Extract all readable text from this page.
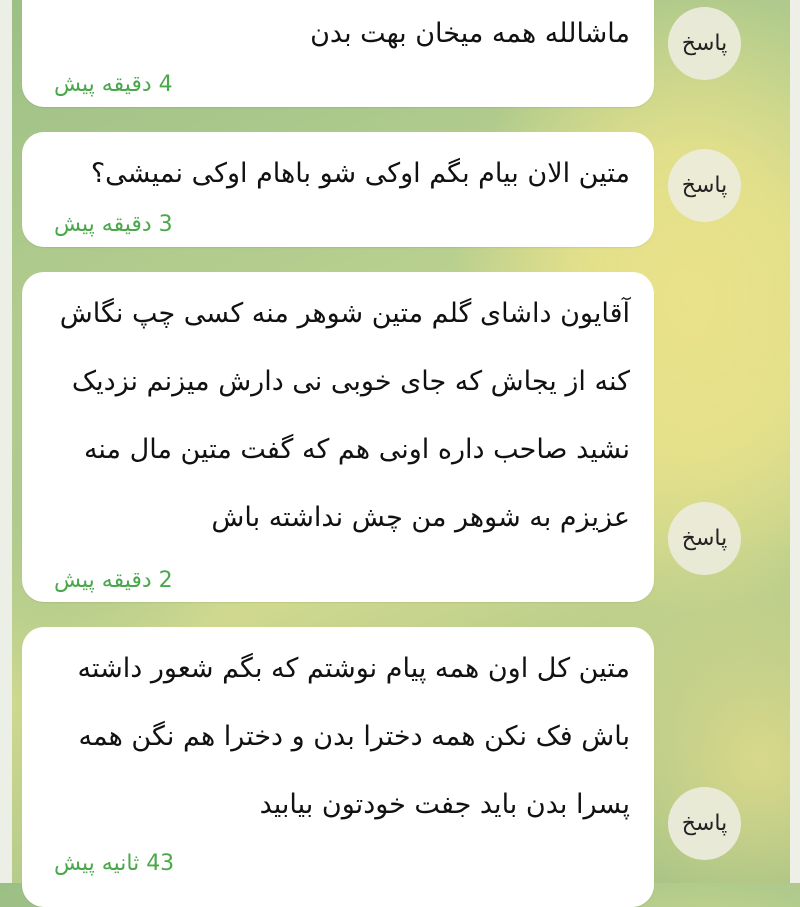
ماشالله همه میخان بهت بدن
4 دقیقه پیش
پاسخ
متین الان بیام بگم اوکی شو باهام اوکی نمیشی؟
3 دقیقه پیش
پاسخ
آقایون داشای گلم متین شوهر منه کسی چپ نگاش کنه از یجاش که جای خوبی نی دارش میزنم نزدیک نشید صاحب داره اونی هم که گفت متین مال منه عزیزم به شوهر من چش نداشته باش
2 دقیقه پیش
پاسخ
متین کل اون همه پیام نوشتم که بگم شعور داشته باش فک نکن همه دخترا بدن و دخترا هم نگن همه پسرا بدن باید جفت خودتون بیابید
43 ثانیه پیش
پاسخ
